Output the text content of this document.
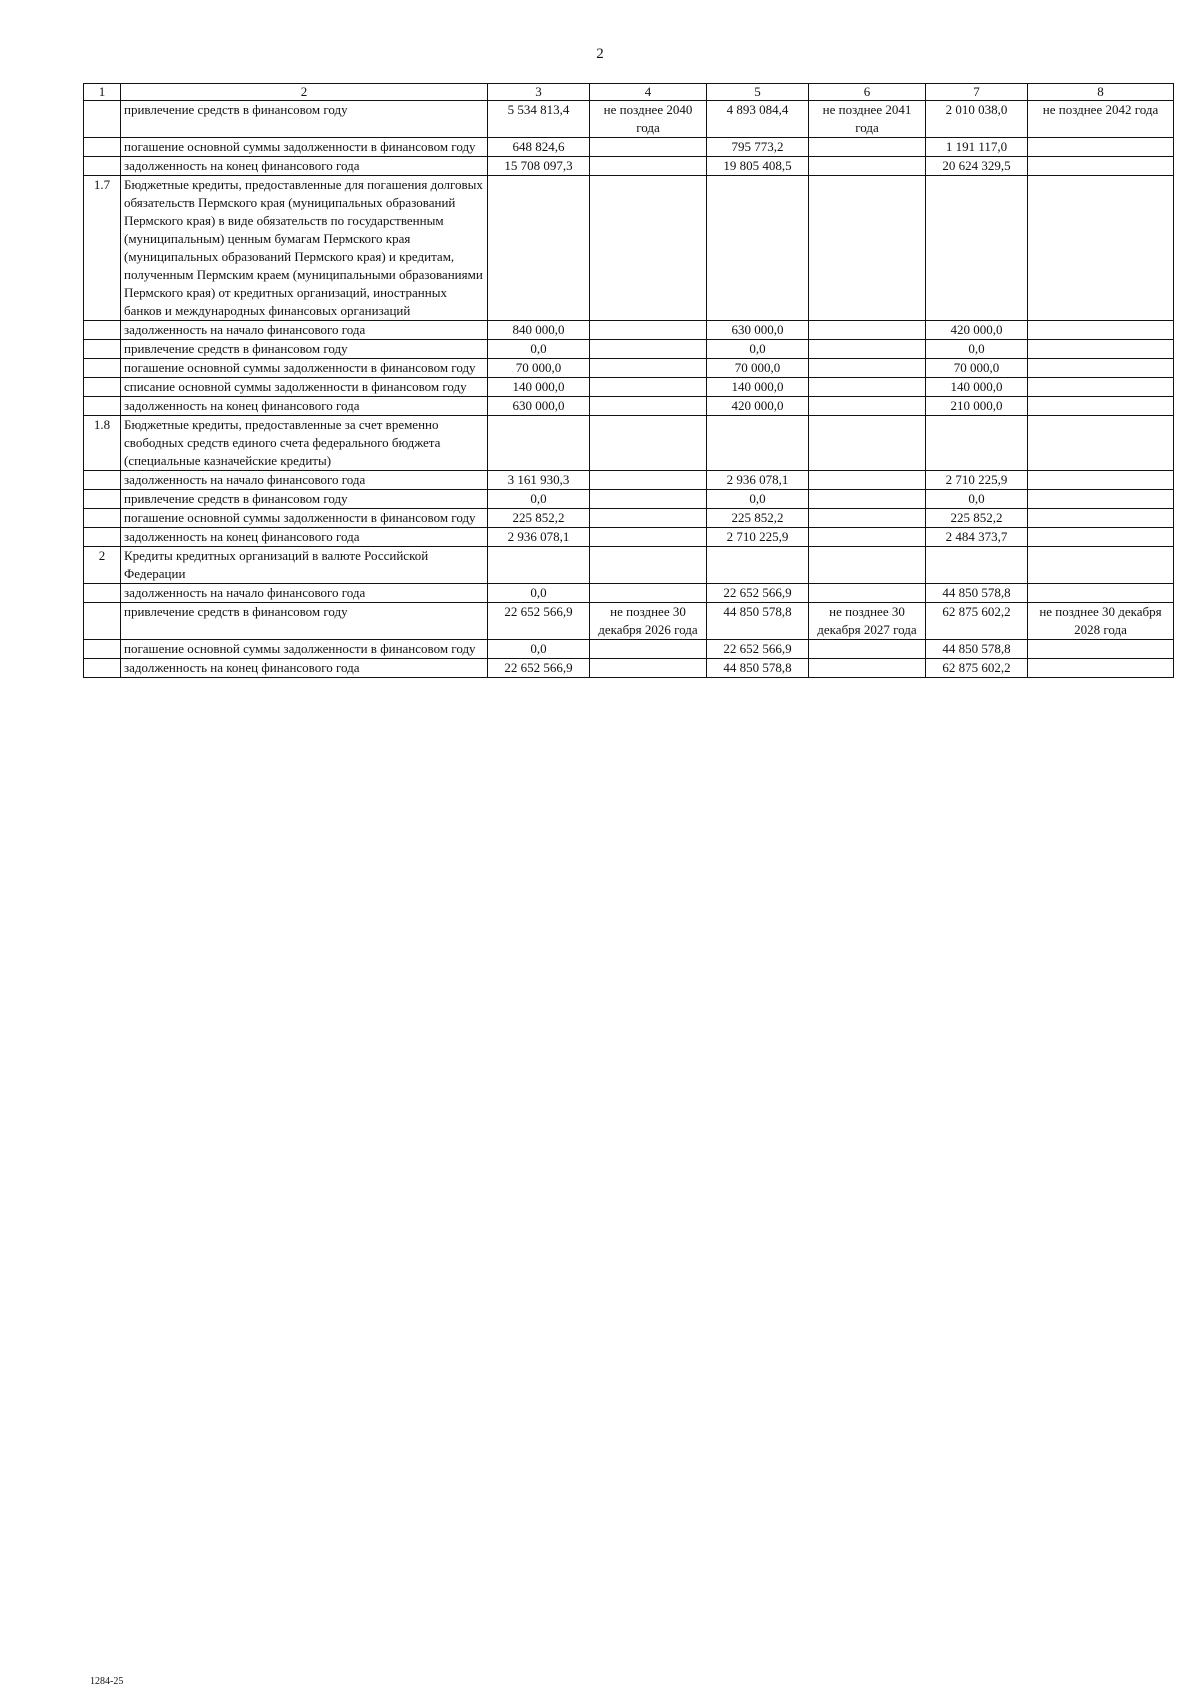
2
1	2	3	4	5	6	7	8
	привлечение средств в финансовом году	5 534 813,4	не позднее 2040 года	4 893 084,4	не позднее 2041 года	2 010 038,0	не позднее 2042 года
	погашение основной суммы задолженности в финансовом году	648 824,6		795 773,2		1 191 117,0	
	задолженность на конец финансового года	15 708 097,3		19 805 408,5		20 624 329,5	
1.7	Бюджетные кредиты, предоставленные для погашения долговых обязательств Пермского края (муниципальных образований Пермского края) в виде обязательств по государственным (муниципальным) ценным бумагам Пермского края (муниципальных образований Пермского края) и кредитам, полученным Пермским краем (муниципальными образованиями Пермского края) от кредитных организаций, иностранных банков и международных финансовых организаций						
	задолженность на начало финансового года	840 000,0		630 000,0		420 000,0	
	привлечение средств в финансовом году	0,0		0,0		0,0	
	погашение основной суммы задолженности в финансовом году	70 000,0		70 000,0		70 000,0	
	списание основной суммы задолженности в финансовом году	140 000,0		140 000,0		140 000,0	
	задолженность на конец финансового года	630 000,0		420 000,0		210 000,0	
1.8	Бюджетные кредиты, предоставленные за счет временно свободных средств единого счета федерального бюджета (специальные казначейские кредиты)						
	задолженность на начало финансового года	3 161 930,3		2 936 078,1		2 710 225,9	
	привлечение средств в финансовом году	0,0		0,0		0,0	
	погашение основной суммы задолженности в финансовом году	225 852,2		225 852,2		225 852,2	
	задолженность на конец финансового года	2 936 078,1		2 710 225,9		2 484 373,7	
2	Кредиты кредитных организаций в валюте Российской Федерации						
	задолженность на начало финансового года	0,0		22 652 566,9		44 850 578,8	
	привлечение средств в финансовом году	22 652 566,9	не позднее 30 декабря 2026 года	44 850 578,8	не позднее 30 декабря 2027 года	62 875 602,2	не позднее 30 декабря 2028 года
	погашение основной суммы задолженности в финансовом году	0,0		22 652 566,9		44 850 578,8	
	задолженность на конец финансового года	22 652 566,9		44 850 578,8		62 875 602,2	
1284-25
